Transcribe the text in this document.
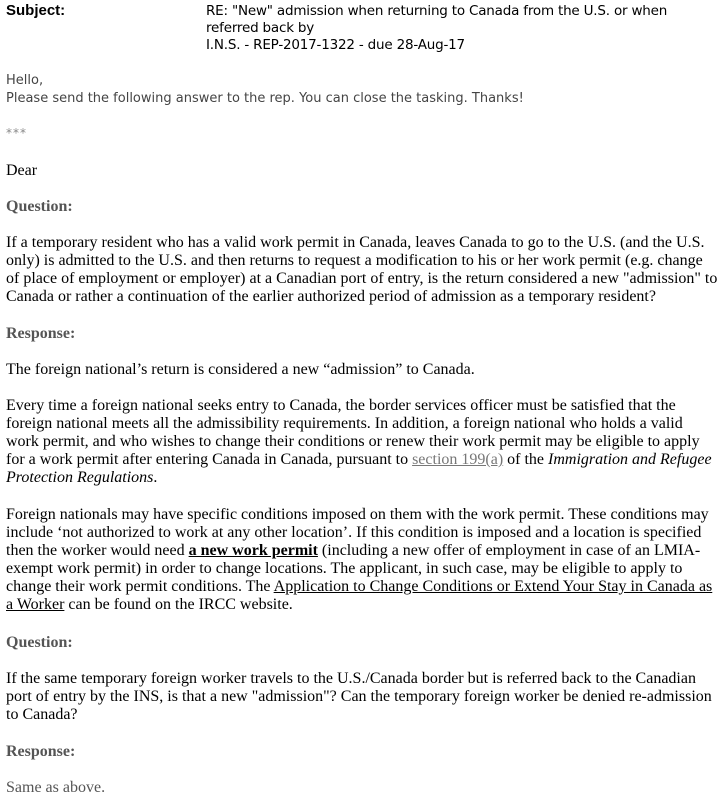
Subject:	RE: "New" admission when returning to Canada from the U.S. or when referred back by
I.N.S. - REP-2017-1322 - due 28-Aug-17
Hello,
Please send the following answer to the rep. You can close the tasking. Thanks!
***
Dear
Question:
If a temporary resident who has a valid work permit in Canada, leaves Canada to go to the U.S. (and the U.S. only) is admitted to the U.S. and then returns to request a modification to his or her work permit (e.g. change of place of employment or employer) at a Canadian port of entry, is the return considered a new "admission" to Canada or rather a continuation of the earlier authorized period of admission as a temporary resident?
Response:
The foreign national’s return is considered a new “admission” to Canada.
Every time a foreign national seeks entry to Canada, the border services officer must be satisfied that the foreign national meets all the admissibility requirements. In addition, a foreign national who holds a valid work permit, and who wishes to change their conditions or renew their work permit may be eligible to apply for a work permit after entering Canada in Canada, pursuant to section 199(a) of the Immigration and Refugee Protection Regulations.
Foreign nationals may have specific conditions imposed on them with the work permit. These conditions may include ‘not authorized to work at any other location’. If this condition is imposed and a location is specified then the worker would need a new work permit (including a new offer of employment in case of an LMIA-exempt work permit) in order to change locations. The applicant, in such case, may be eligible to apply to change their work permit conditions. The Application to Change Conditions or Extend Your Stay in Canada as a Worker can be found on the IRCC website.
Question:
If the same temporary foreign worker travels to the U.S./Canada border but is referred back to the Canadian port of entry by the INS, is that a new "admission"? Can the temporary foreign worker be denied re-admission to Canada?
Response:
Same as above.
